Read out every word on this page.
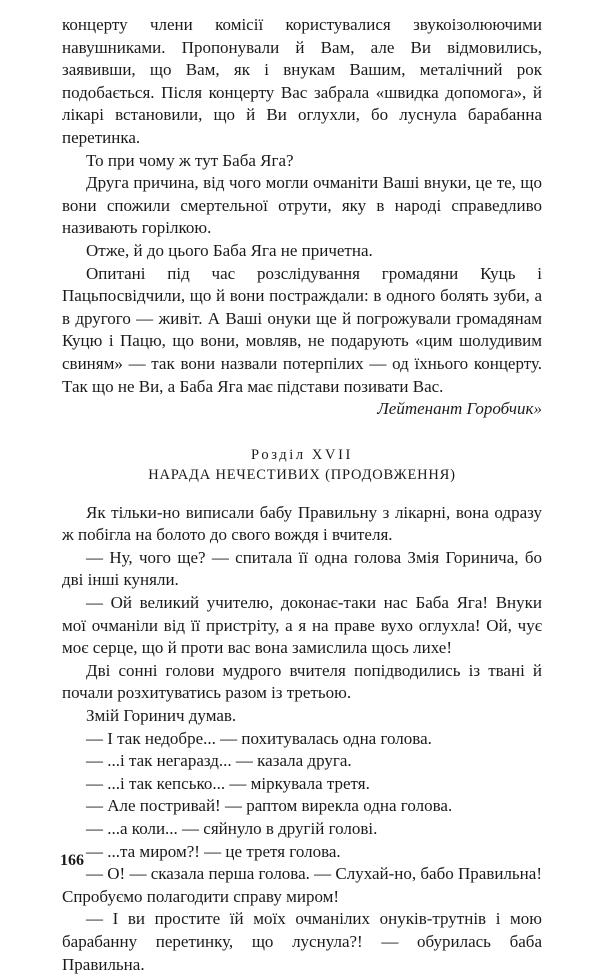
концерту члени комісії користувалися звукоізолюючими навушниками. Пропонували й Вам, але Ви відмовились, заявивши, що Вам, як і внукам Вашим, металічний рок подобається. Після концерту Вас забрала «швидка допомога», й лікарі встановили, що й Ви оглухли, бо луснула барабанна перетинка.

То при чому ж тут Баба Яга?

Друга причина, від чого могли очманіти Ваші внуки, це те, що вони спожили смертельної отрути, яку в народі справедливо називають горілкою.

Отже, й до цього Баба Яга не причетна.

Опитані під час розслідування громадяни Куць і Пацьпосвідчили, що й вони постраждали: в одного болять зуби, а в другого — живіт. А Ваші онуки ще й погрожували громадянам Куцю і Пацю, що вони, мовляв, не подарують «цим шолудивим свиням» — так вони назвали потерпілих — од їхнього концерту. Так що не Ви, а Баба Яга має підстави позивати Вас.

Лейтенант Горобчик»

Розділ XVII
НАРАДА НЕЧЕСТИВИХ (ПРОДОВЖЕННЯ)

Як тільки-но виписали бабу Правильну з лікарні, вона одразу ж побігла на болото до свого вождя і вчителя.

— Ну, чого ще? — спитала її одна голова Змія Горинича, бо дві інші куняли.

— Ой великий учителю, доконає-таки нас Баба Яга! Внуки мої очманіли від її пристріту, а я на праве вухо оглухла! Ой, чує моє серце, що й проти вас вона замислила щось лихе!

Дві сонні голови мудрого вчителя попідводились із твані й почали розхитуватись разом із третьою.

Змій Горинич думав.

— І так недобре... — похитувалась одна голова.

— ...і так негаразд... — казала друга.

— ...і так кепсько... — міркувала третя.

— Але постривай! — раптом вирекла одна голова.

— ...а коли... — сяйнуло в другій голові.

— ...та миром?! — це третя голова.

— О! — сказала перша голова. — Слухай-но, бабо Правильна! Спробуємо полагодити справу миром!

— І ви простите їй моїх очманілих онуків-трутнів і мою барабанну перетинку, що луснула?! — обурилась баба Правильна.

166
